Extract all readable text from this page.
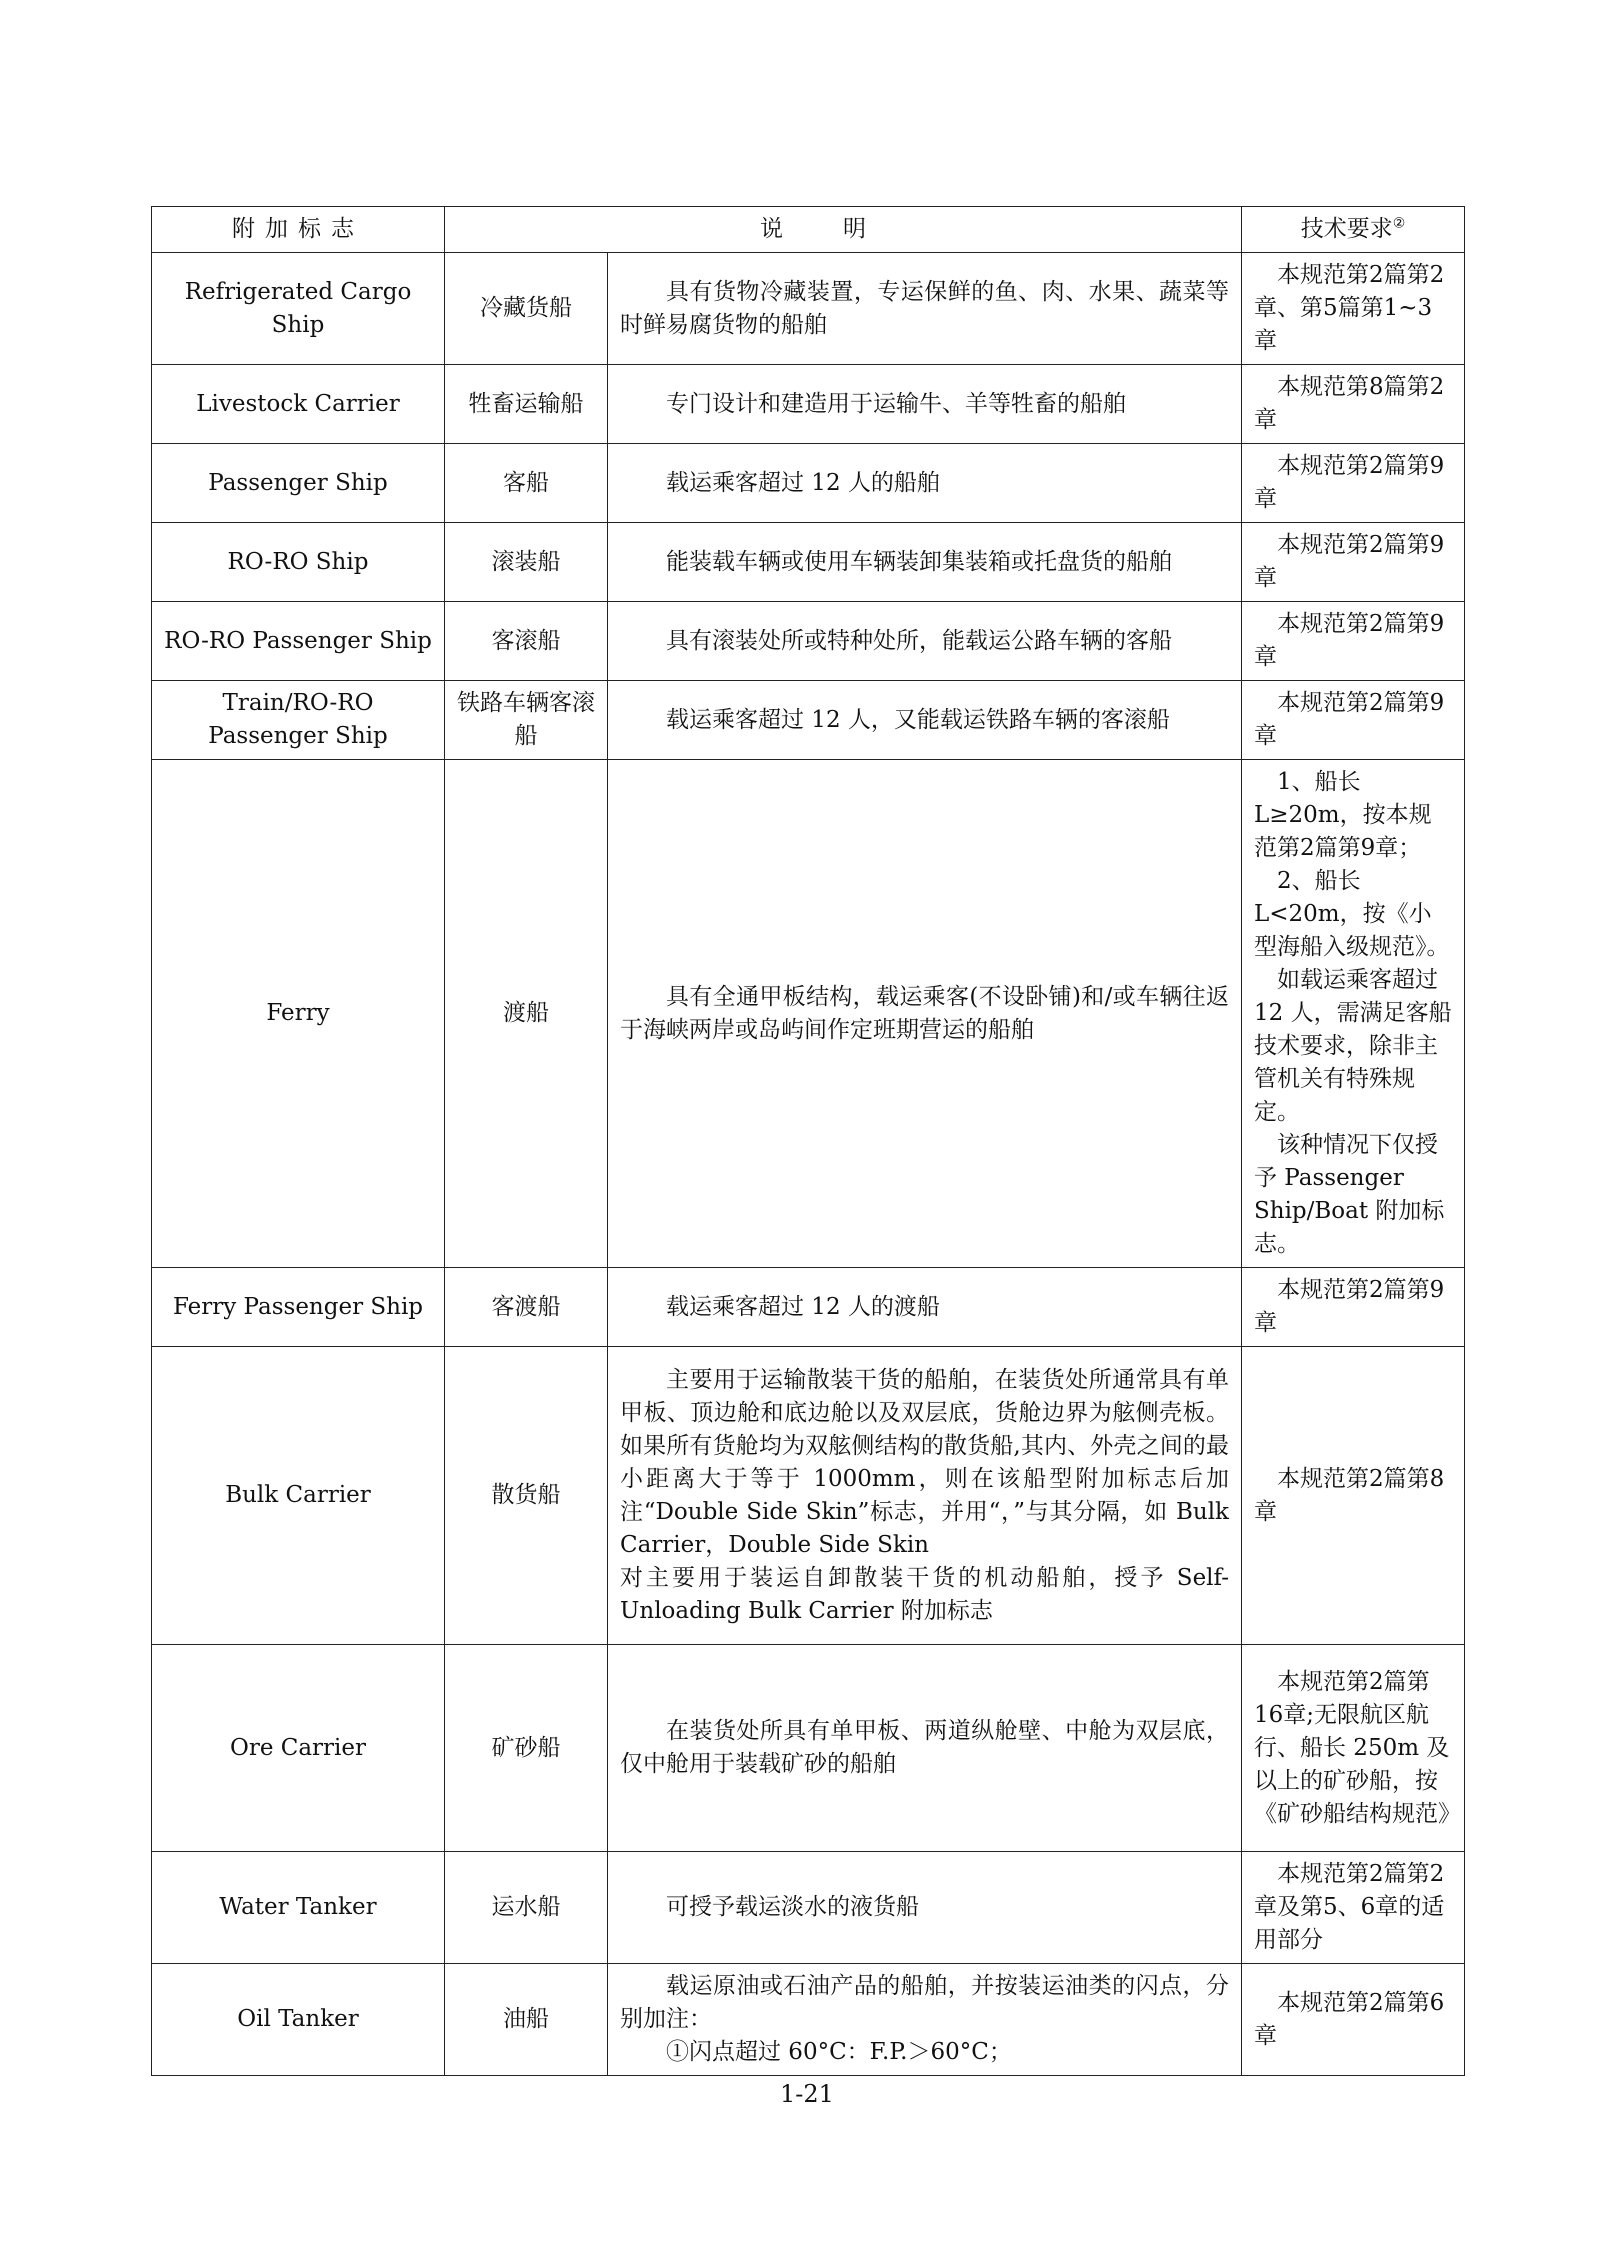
附加标志	说明		技术要求②
Refrigerated Cargo Ship	冷藏货船	具有货物冷藏装置，专运保鲜的鱼、肉、水果、蔬菜等时鲜易腐货物的船舶	本规范第2篇第2章、第5篇第1~3章

Livestock Carrier	牲畜运输船	专门设计和建造用于运输牛、羊等牲畜的船舶	本规范第8篇第2章

Passenger Ship	客船	载运乘客超过 12 人的船舶	本规范第2篇第9章

RO-RO Ship	滚装船	能装载车辆或使用车辆装卸集装箱或托盘货的船舶	本规范第2篇第9章

RO-RO Passenger Ship	客滚船	具有滚装处所或特种处所，能载运公路车辆的客船	本规范第2篇第9章

Train/RO-RO Passenger Ship	铁路车辆客滚船	载运乘客超过 12 人，又能载运铁路车辆的客滚船	本规范第2篇第9章

Ferry	渡船	具有全通甲板结构，载运乘客(不设卧铺)和/或车辆往返于海峡两岸或岛屿间作定班期营运的船舶	1、船长 L≥20m，按本规范第2篇第9章；
2、船长 L<20m，按《小型海船入级规范》。
如载运乘客超过 12 人，需满足客船技术要求，除非主管机关有特殊规定。
该种情况下仅授予 Passenger Ship/Boat 附加标志。

Ferry Passenger Ship	客渡船	载运乘客超过 12 人的渡船	本规范第2篇第9章

Bulk Carrier	散货船	主要用于运输散装干货的船舶，在装货处所通常具有单甲板、顶边舱和底边舱以及双层底，货舱边界为舷侧壳板。如果所有货舱均为双舷侧结构的散货船,其内、外壳之间的最小距离大于等于 1000mm，则在该船型附加标志后加注“Double Side Skin”标志，并用“，”与其分隔，如 Bulk Carrier，Double Side Skin
对主要用于装运自卸散装干货的机动船舶，授予 Self-Unloading Bulk Carrier 附加标志	本规范第2篇第8章

Ore Carrier	矿砂船	在装货处所具有单甲板、两道纵舱壁、中舱为双层底，仅中舱用于装载矿砂的船舶	本规范第2篇第16章;无限航区航行、船长 250m 及以上的矿砂船，按《矿砂船结构规范》

Water Tanker	运水船	可授予载运淡水的液货船	本规范第2篇第2章及第5、6章的适用部分

Oil Tanker	油船	载运原油或石油产品的船舶，并按装运油类的闪点，分别加注：
①闪点超过 60°C：F.P.＞60°C；	本规范第2篇第6章
1-21
